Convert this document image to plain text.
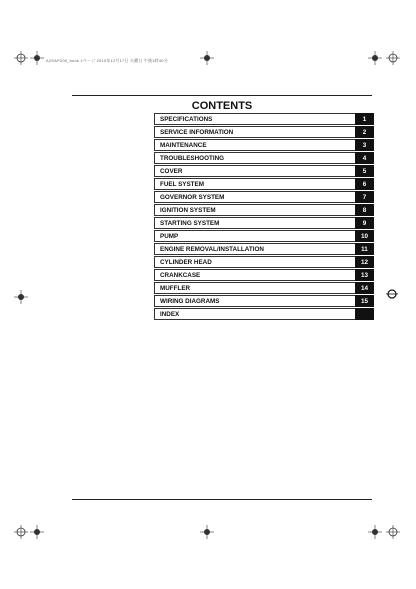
A2SAP200_book 1ページ 2010年12月17日 火曜日 午後1時40分
CONTENTS
SPECIFICATIONS	1
SERVICE INFORMATION	2
MAINTENANCE	3
TROUBLESHOOTING	4
COVER	5
FUEL SYSTEM	6
GOVERNOR SYSTEM	7
IGNITION SYSTEM	8
STARTING SYSTEM	9
PUMP	10
ENGINE REMOVAL/INSTALLATION	11
CYLINDER HEAD	12
CRANKCASE	13
MUFFLER	14
WIRING DIAGRAMS	15
INDEX
